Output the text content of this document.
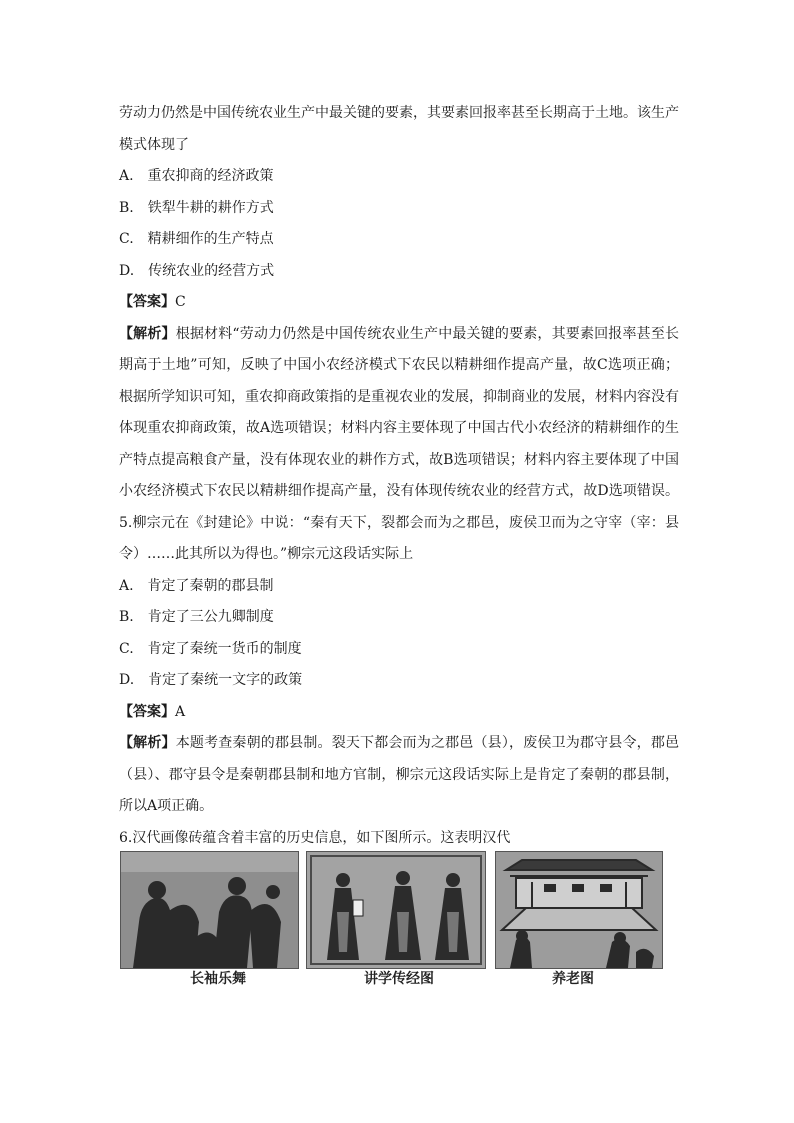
劳动力仍然是中国传统农业生产中最关键的要素，其要素回报率甚至长期高于土地。该生产
模式体现了
A.　重农抑商的经济政策
B.　铁犁牛耕的耕作方式
C.　精耕细作的生产特点
D.　传统农业的经营方式
【答案】C
【解析】根据材料“劳动力仍然是中国传统农业生产中最关键的要素，其要素回报率甚至长
期高于土地”可知，反映了中国小农经济模式下农民以精耕细作提高产量，故C选项正确；
根据所学知识可知，重农抑商政策指的是重视农业的发展，抑制商业的发展，材料内容没有
体现重农抑商政策，故A选项错误；材料内容主要体现了中国古代小农经济的精耕细作的生
产特点提高粮食产量，没有体现农业的耕作方式，故B选项错误；材料内容主要体现了中国
小农经济模式下农民以精耕细作提高产量，没有体现传统农业的经营方式，故D选项错误。
5.柳宗元在《封建论》中说：“秦有天下，裂都会而为之郡邑，废侯卫而为之守宰（宰：县
令）……此其所以为得也。”柳宗元这段话实际上
A.　肯定了秦朝的郡县制
B.　肯定了三公九卿制度
C.　肯定了秦统一货币的制度
D.　肯定了秦统一文字的政策
【答案】A
【解析】本题考查秦朝的郡县制。裂天下都会而为之郡邑（县），废侯卫为郡守县令，郡邑
（县）、郡守县令是秦朝郡县制和地方官制，柳宗元这段话实际上是肯定了秦朝的郡县制，
所以A项正确。
6.汉代画像砖蕴含着丰富的历史信息，如下图所示。这表明汉代
长袖乐舞	讲学传经图	养老图
